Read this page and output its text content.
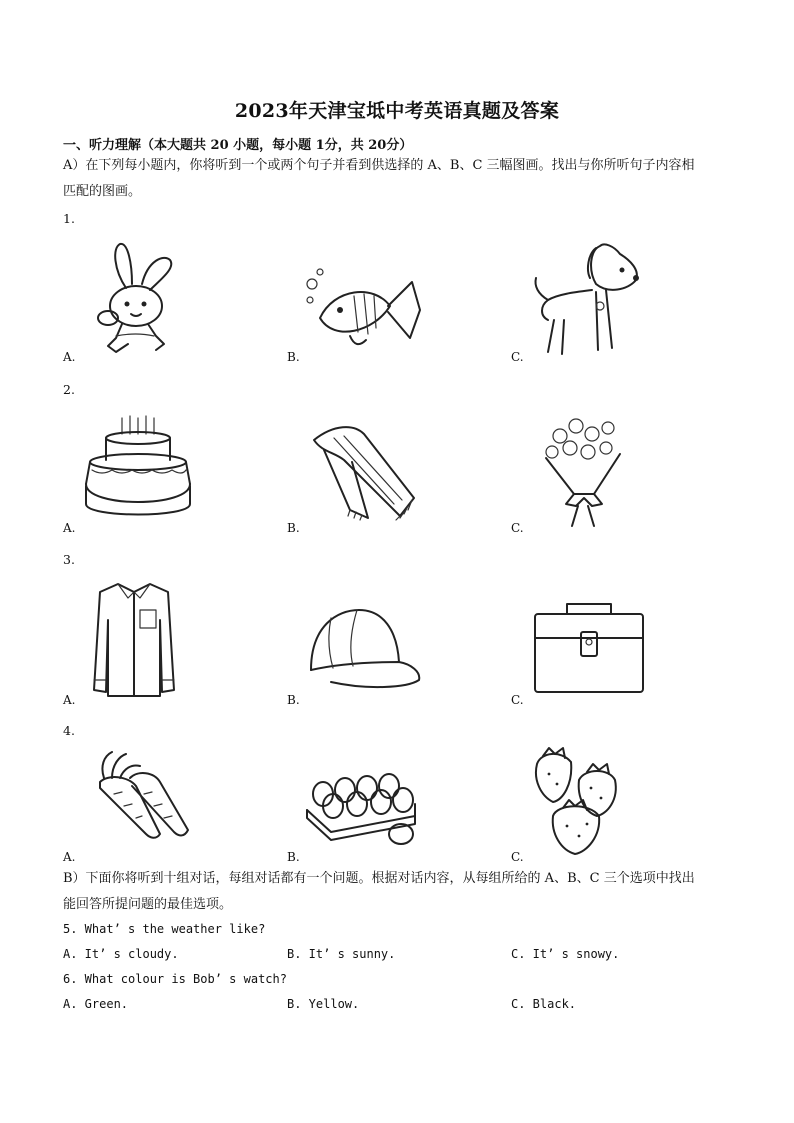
2023年天津宝坻中考英语真题及答案
一、听力理解（本大题共 20 小题，每小题 1分，共 20分）
A）在下列每小题内，你将听到一个或两个句子并看到供选择的 A、B、C 三幅图画。找出与你所听句子内容相
匹配的图画。
1.
A.	B.	C.
2.
A.	B.	C.
3.
A.	B.	C.
4.
A.	B.	C.
B）下面你将听到十组对话，每组对话都有一个问题。根据对话内容，从每组所给的 A、B、C 三个选项中找出
能回答所提问题的最佳选项。
5. What’ s the weather like?
A. It’ s cloudy.	B. It’ s sunny.	C. It’ s snowy.
6. What colour is Bob’ s watch?
A. Green.	B. Yellow.	C. Black.
